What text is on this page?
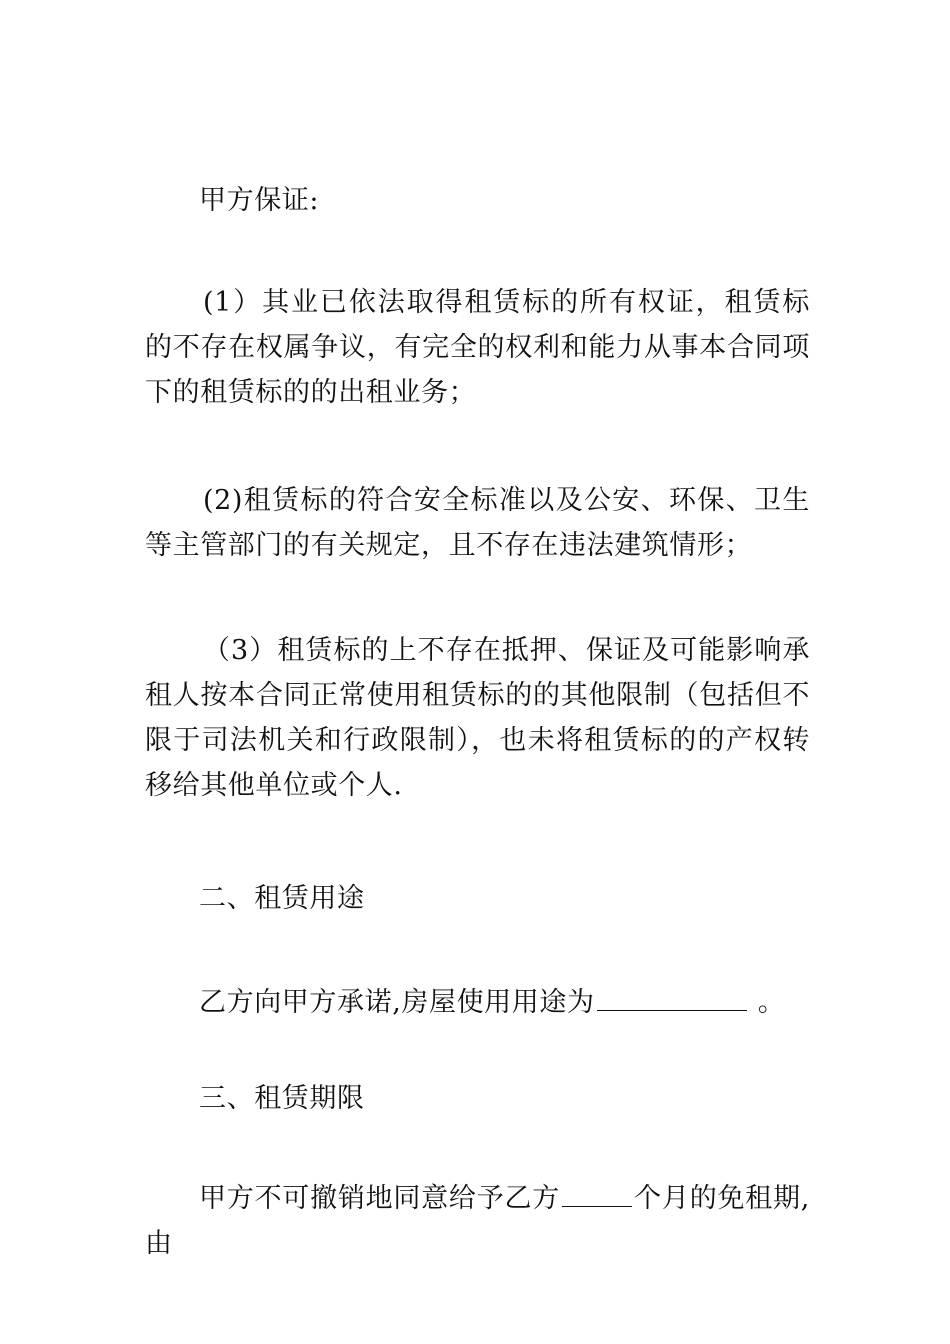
甲方保证:

(1）其业已依法取得租赁标的所有权证，租赁标的不存在权属争议，有完全的权利和能力从事本合同项下的租赁标的的出租业务；

(2)租赁标的符合安全标准以及公安、环保、卫生等主管部门的有关规定，且不存在违法建筑情形；

（3）租赁标的上不存在抵押、保证及可能影响承租人按本合同正常使用租赁标的的其他限制（包括但不限于司法机关和行政限制），也未将租赁标的的产权转移给其他单位或个人.

二、租赁用途

乙方向甲方承诺,房屋使用用途为	。

三、租赁期限

甲方不可撤销地同意给予乙方	个月的免租期,由
